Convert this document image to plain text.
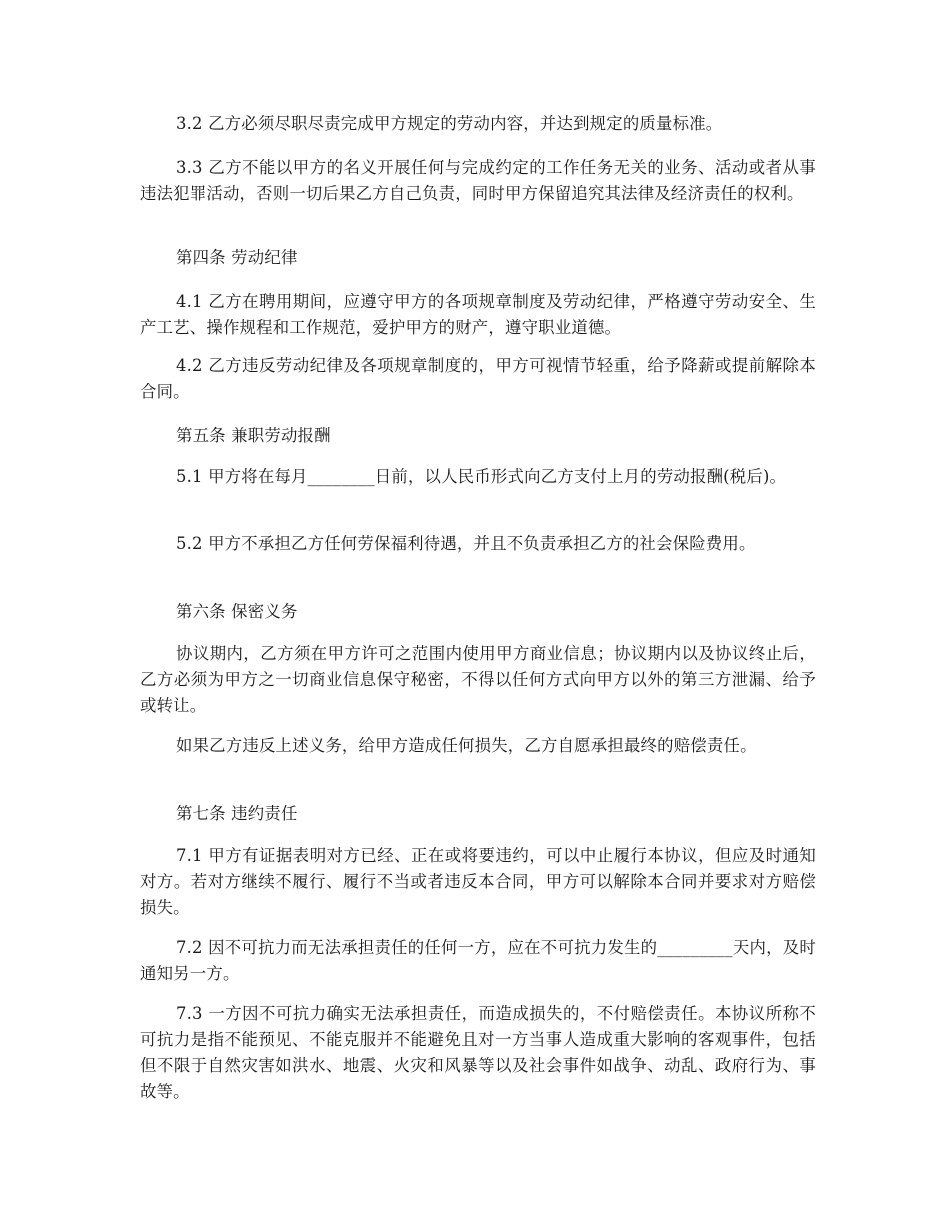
3.2 乙方必须尽职尽责完成甲方规定的劳动内容，并达到规定的质量标准。

3.3 乙方不能以甲方的名义开展任何与完成约定的工作任务无关的业务、活动或者从事违法犯罪活动，否则一切后果乙方自己负责，同时甲方保留追究其法律及经济责任的权利。

第四条 劳动纪律

4.1 乙方在聘用期间，应遵守甲方的各项规章制度及劳动纪律，严格遵守劳动安全、生产工艺、操作规程和工作规范，爱护甲方的财产，遵守职业道德。

4.2 乙方违反劳动纪律及各项规章制度的，甲方可视情节轻重，给予降薪或提前解除本合同。

第五条 兼职劳动报酬

5.1 甲方将在每月________日前，以人民币形式向乙方支付上月的劳动报酬(税后)。

5.2 甲方不承担乙方任何劳保福利待遇，并且不负责承担乙方的社会保险费用。

第六条 保密义务

协议期内，乙方须在甲方许可之范围内使用甲方商业信息；协议期内以及协议终止后，乙方必须为甲方之一切商业信息保守秘密，不得以任何方式向甲方以外的第三方泄漏、给予或转让。

如果乙方违反上述义务，给甲方造成任何损失，乙方自愿承担最终的赔偿责任。

第七条 违约责任

7.1 甲方有证据表明对方已经、正在或将要违约，可以中止履行本协议，但应及时通知对方。若对方继续不履行、履行不当或者违反本合同，甲方可以解除本合同并要求对方赔偿损失。

7.2 因不可抗力而无法承担责任的任何一方，应在不可抗力发生的_________天内，及时通知另一方。

7.3 一方因不可抗力确实无法承担责任，而造成损失的，不付赔偿责任。本协议所称不可抗力是指不能预见、不能克服并不能避免且对一方当事人造成重大影响的客观事件，包括但不限于自然灾害如洪水、地震、火灾和风暴等以及社会事件如战争、动乱、政府行为、事故等。
